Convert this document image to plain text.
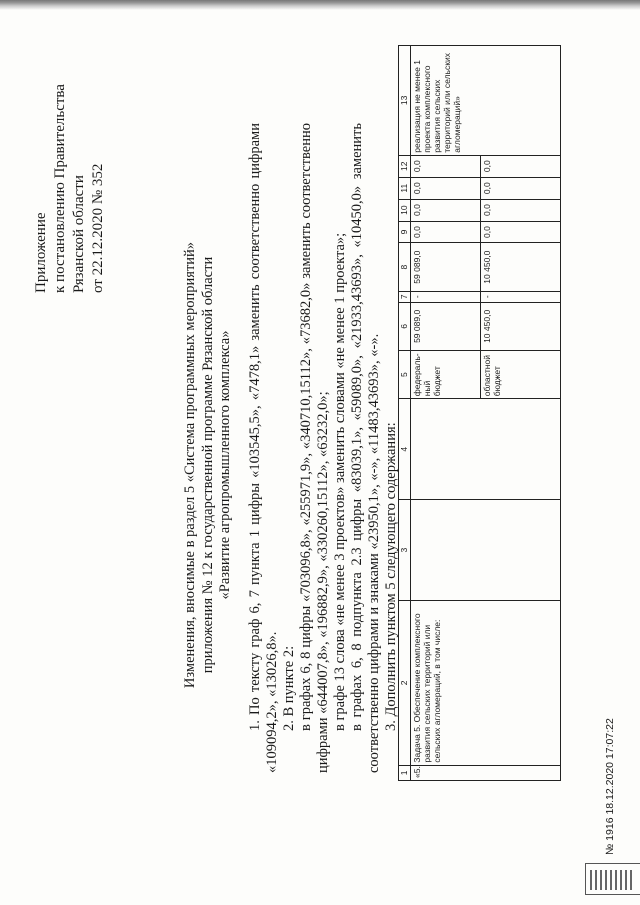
Приложение к постановлению Правительства Рязанской области от 22.12.2020 № 352
Изменения, вносимые в раздел 5 «Система программных мероприятий» приложения № 12 к государственной программе Рязанской области «Развитие агропромышленного комплекса» 1. По тексту граф 6, 7 пункта 1 цифры «103545,5», «7478,1» заменить соответственно цифрами «109094,2», «13026,8». 2. В пункте 2: в графах 6, 8 цифры «703096,8», «255971,9», «340710,15112», «73682,0» заменить соответственно цифрами «644007,8», «196882,9», «330260,15112», «63232,0»; в графе 13 слова «не менее 3 проектов» заменить словами «не менее 1 проекта»; в графах 6, 8 подпункта 2.3 цифры «83039,1», «59089,0», «21933,43693», «10450,0» заменить соответственно цифрами и знаками «23950,1», «-», «11483,43693», «-». 3. Дополнить пунктом 5 следующего содержания:

1	2	3	4	5	6	7	8	9	10	11	12	13
«5.	Задача 5. Обеспечение комплексного развития сельских территорий или сельских агломераций, в том числе:			федераль-ный бюджет	59 089,0	-	59 089,0	0,0	0,0	0,0	0,0	реализация не менее 1 проекта комплексного развития сельских территорий или сельских агломераций»
				областной бюджет	10 450,0	-	10 450,0	0,0	0,0	0,0	0,0	
№ 1916 18.12.2020 17:07:22
